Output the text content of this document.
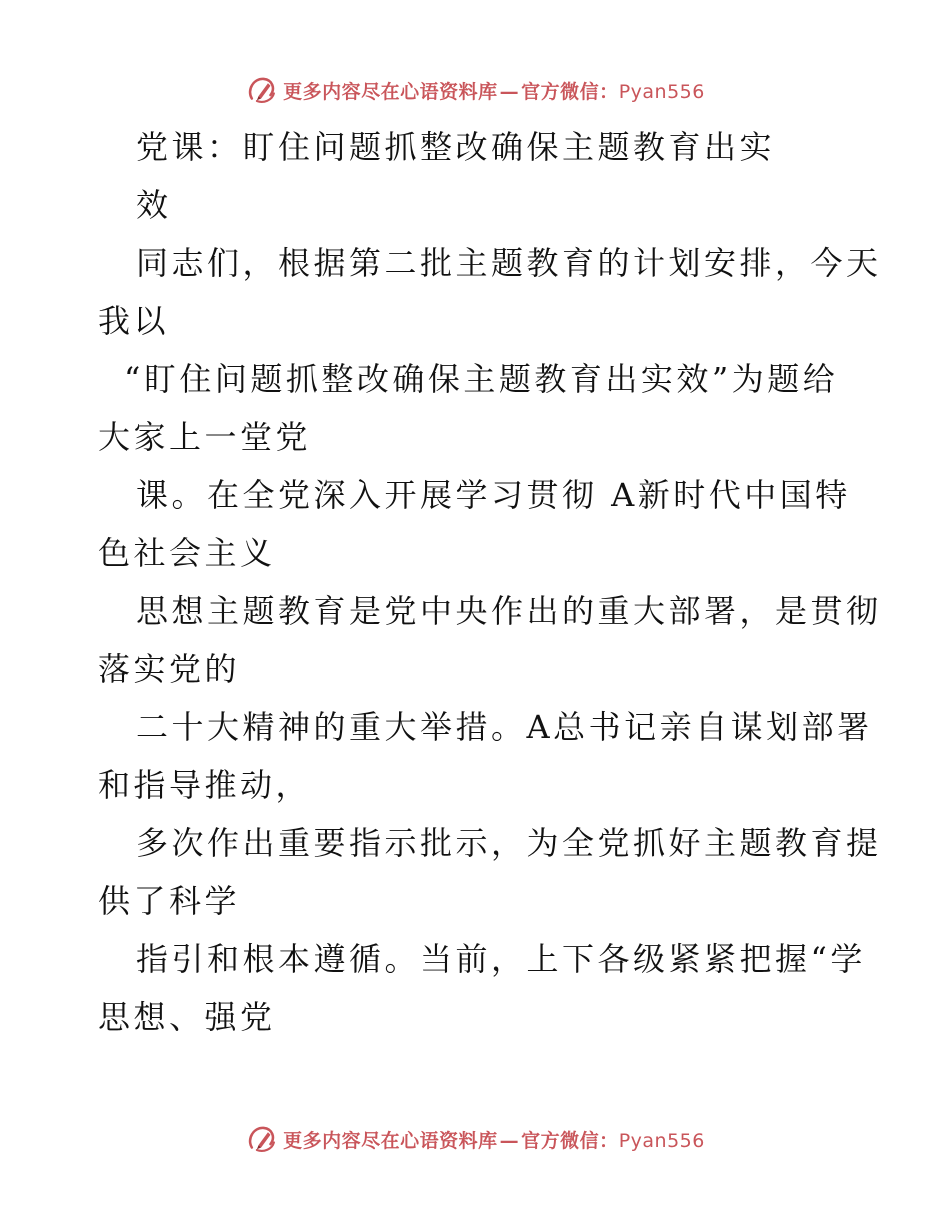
更多内容尽在心语资料库 — 官方微信：Pyan556
党课：盯住问题抓整改确保主题教育出实
效
同志们，根据第二批主题教育的计划安排，今天
我以
“盯住问题抓整改确保主题教育出实效”为题给
大家上一堂党
课。在全党深入开展学习贯彻 A新时代中国特
色社会主义
思想主题教育是党中央作出的重大部署，是贯彻
落实党的
二十大精神的重大举措。A总书记亲自谋划部署
和指导推动，
多次作出重要指示批示，为全党抓好主题教育提
供了科学
指引和根本遵循。当前，上下各级紧紧把握“学
思想、强党
更多内容尽在心语资料库 — 官方微信：Pyan556
